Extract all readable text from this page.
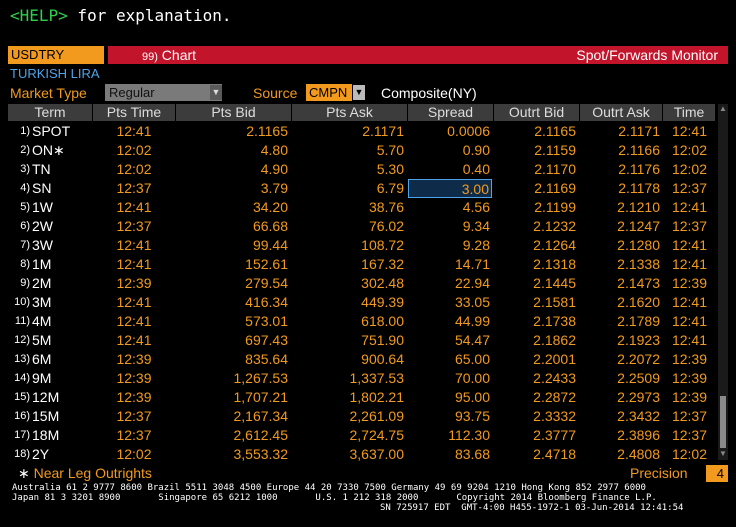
<HELP> for explanation.
USDTRY	99) Chart	Spot/Forwards Monitor
TURKISH LIRA
Market Type	Regular	▼ Source CMPN ▼ Composite(NY)
Term	Pts Time	Pts Bid	Pts Ask	Spread	Outrt Bid	Outrt Ask	Time
1) SPOT	12:41	2.1165	2.1171	0.0006	2.1165	2.1171 12:41
2) ON∗	12:02	4.80	5.70	0.90	2.1159	2.1166 12:02
3) TN	12:02	4.90	5.30	0.40	2.1170	2.1176 12:02
4) SN	12:37	3.79	6.79	3.00	2.1169	2.1178 12:37
5) 1W	12:41	34.20	38.76	4.56	2.1199	2.1210 12:41
6) 2W	12:37	66.68	76.02	9.34	2.1232	2.1247 12:37
7) 3W	12:41	99.44	108.72	9.28	2.1264	2.1280 12:41
8) 1M	12:41	152.61	167.32	14.71	2.1318	2.1338 12:41
9) 2M	12:39	279.54	302.48	22.94	2.1445	2.1473 12:39
10) 3M	12:41	416.34	449.39	33.05	2.1581	2.1620 12:41
11) 4M	12:41	573.01	618.00	44.99	2.1738	2.1789 12:41
12) 5M	12:41	697.43	751.90	54.47	2.1862	2.1923 12:41
13) 6M	12:39	835.64	900.64	65.00	2.2001	2.2072 12:39
14) 9M	12:39	1,267.53	1,337.53	70.00	2.2433	2.2509 12:39
15) 12M	12:39	1,707.21	1,802.21	95.00	2.2872	2.2973 12:39
16) 15M	12:37	2,167.34	2,261.09	93.75	2.3332	2.3432 12:37
17) 18M	12:37	2,612.45	2,724.75	112.30	2.3777	2.3896 12:37
18) 2Y	12:02	3,553.32	3,637.00	83.68	2.4718	2.4808 12:02
▲
▼
∗ Near Leg Outrights	Precision	4
Australia 61 2 9777 8600 Brazil 5511 3048 4500 Europe 44 20 7330 7500 Germany 49 69 9204 1210 Hong Kong 852 2977 6000
Japan 81 3 3201 8900       Singapore 65 6212 1000       U.S. 1 212 318 2000       Copyright 2014 Bloomberg Finance L.P.
SN 725917 EDT  GMT-4:00 H455-1972-1 03-Jun-2014 12:41:54
